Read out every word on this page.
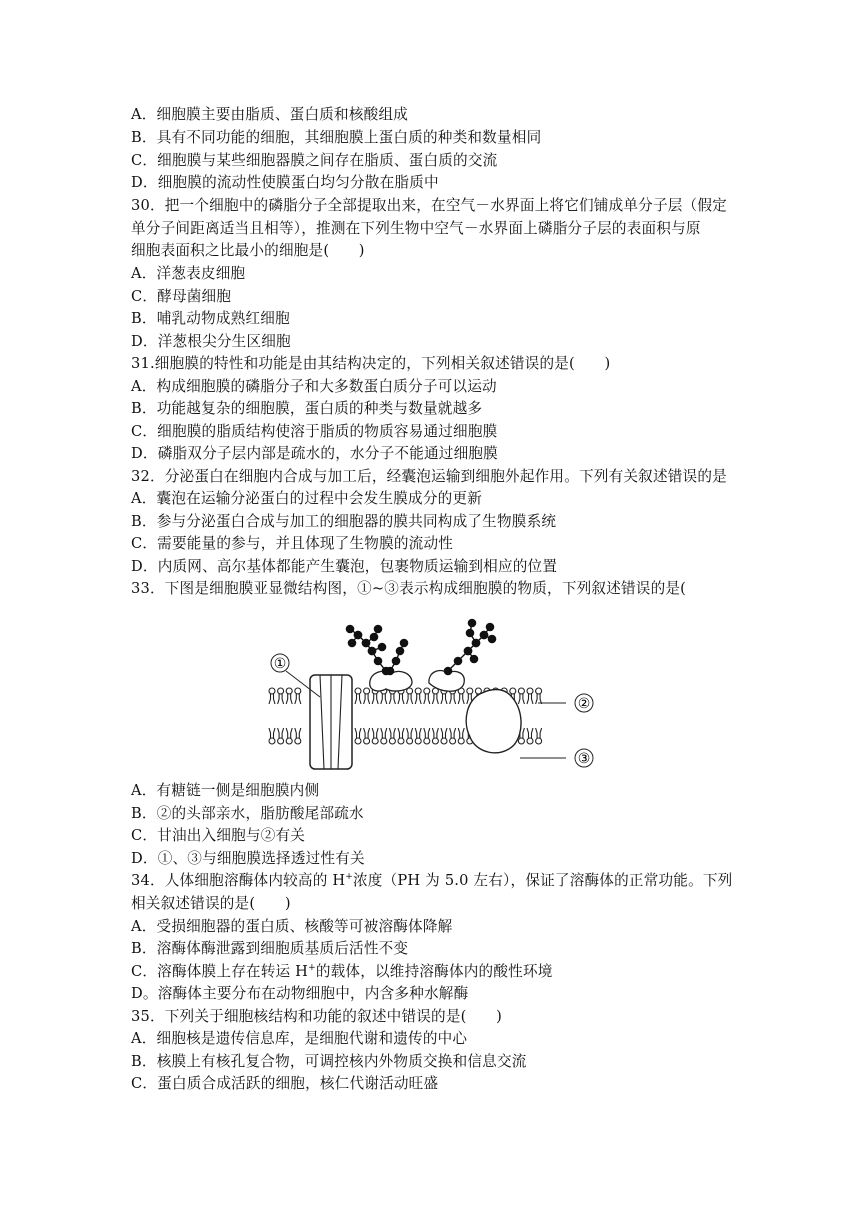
A．细胞膜主要由脂质、蛋白质和核酸组成
B．具有不同功能的细胞，其细胞膜上蛋白质的种类和数量相同
C．细胞膜与某些细胞器膜之间存在脂质、蛋白质的交流
D．细胞膜的流动性使膜蛋白均匀分散在脂质中
30．把一个细胞中的磷脂分子全部提取出来，在空气－水界面上将它们铺成单分子层（假定
单分子间距离适当且相等），推测在下列生物中空气－水界面上磷脂分子层的表面积与原
细胞表面积之比最小的细胞是(　　)
A．洋葱表皮细胞
C．酵母菌细胞
B．哺乳动物成熟红细胞
D．洋葱根尖分生区细胞
31.细胞膜的特性和功能是由其结构决定的，下列相关叙述错误的是(　　)
A．构成细胞膜的磷脂分子和大多数蛋白质分子可以运动
B．功能越复杂的细胞膜，蛋白质的种类与数量就越多
C．细胞膜的脂质结构使溶于脂质的物质容易通过细胞膜
D．磷脂双分子层内部是疏水的，水分子不能通过细胞膜
32．分泌蛋白在细胞内合成与加工后，经囊泡运输到细胞外起作用。下列有关叙述错误的是
A．囊泡在运输分泌蛋白的过程中会发生膜成分的更新
B．参与分泌蛋白合成与加工的细胞器的膜共同构成了生物膜系统
C．需要能量的参与，并且体现了生物膜的流动性
D．内质网、高尔基体都能产生囊泡，包裹物质运输到相应的位置
33．下图是细胞膜亚显微结构图，①~③表示构成细胞膜的物质，下列叙述错误的是(
①
②
③
A．有糖链一侧是细胞膜内侧
B．②的头部亲水，脂肪酸尾部疏水
C．甘油出入细胞与②有关
D．①、③与细胞膜选择透过性有关
34．人体细胞溶酶体内较高的 H+浓度（PH 为 5.0 左右），保证了溶酶体的正常功能。下列
相关叙述错误的是(　　)
A．受损细胞器的蛋白质、核酸等可被溶酶体降解
B．溶酶体酶泄露到细胞质基质后活性不变
C．溶酶体膜上存在转运 H+的载体，以维持溶酶体内的酸性环境
D。溶酶体主要分布在动物细胞中，内含多种水解酶
35．下列关于细胞核结构和功能的叙述中错误的是(　　)
A．细胞核是遗传信息库，是细胞代谢和遗传的中心
B．核膜上有核孔复合物，可调控核内外物质交换和信息交流
C．蛋白质合成活跃的细胞，核仁代谢活动旺盛
